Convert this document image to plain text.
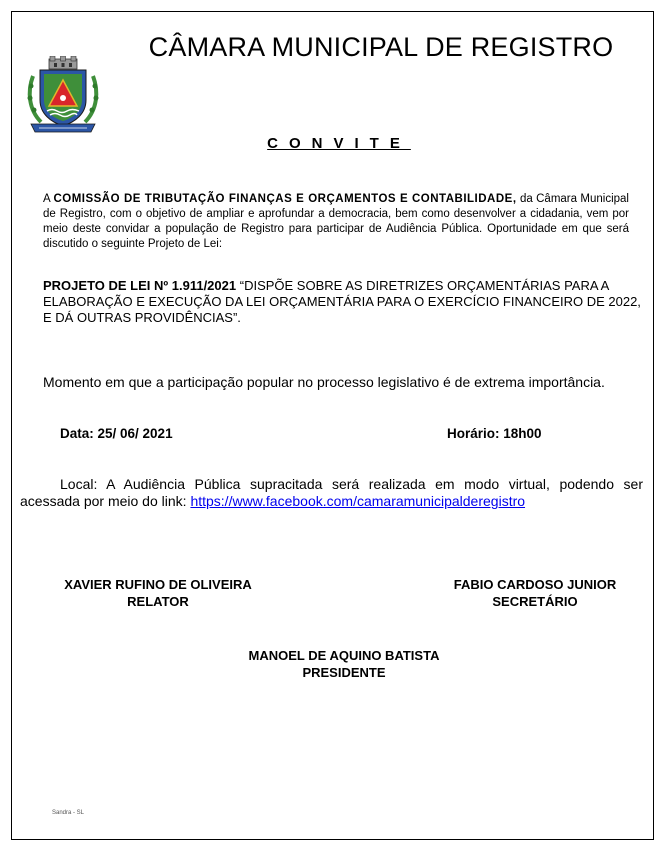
CÂMARA MUNICIPAL DE REGISTRO
CONVITE
A COMISSÃO DE TRIBUTAÇÃO FINANÇAS E ORÇAMENTOS E CONTABILIDADE, da Câmara Municipal de Registro, com o objetivo de ampliar e aprofundar a democracia, bem como desenvolver a cidadania, vem por meio deste convidar a população de Registro para participar de Audiência Pública. Oportunidade em que será discutido o seguinte Projeto de Lei:
PROJETO DE LEI Nº 1.911/2021 “DISPÕE SOBRE AS DIRETRIZES ORÇAMENTÁRIAS PARA A ELABORAÇÃO E EXECUÇÃO DA LEI ORÇAMENTÁRIA PARA O EXERCÍCIO FINANCEIRO DE 2022, E DÁ OUTRAS PROVIDÊNCIAS”.
Momento em que a participação popular no processo legislativo é de extrema importância.
Data: 25/ 06/ 2021	Horário: 18h00
Local: A Audiência Pública supracitada será realizada em modo virtual, podendo ser acessada por meio do link: https://www.facebook.com/camaramunicipalderegistro
XAVIER RUFINO DE OLIVEIRA
RELATOR
FABIO CARDOSO JUNIOR
SECRETÁRIO
MANOEL DE AQUINO BATISTA
PRESIDENTE
Sandra - SL
